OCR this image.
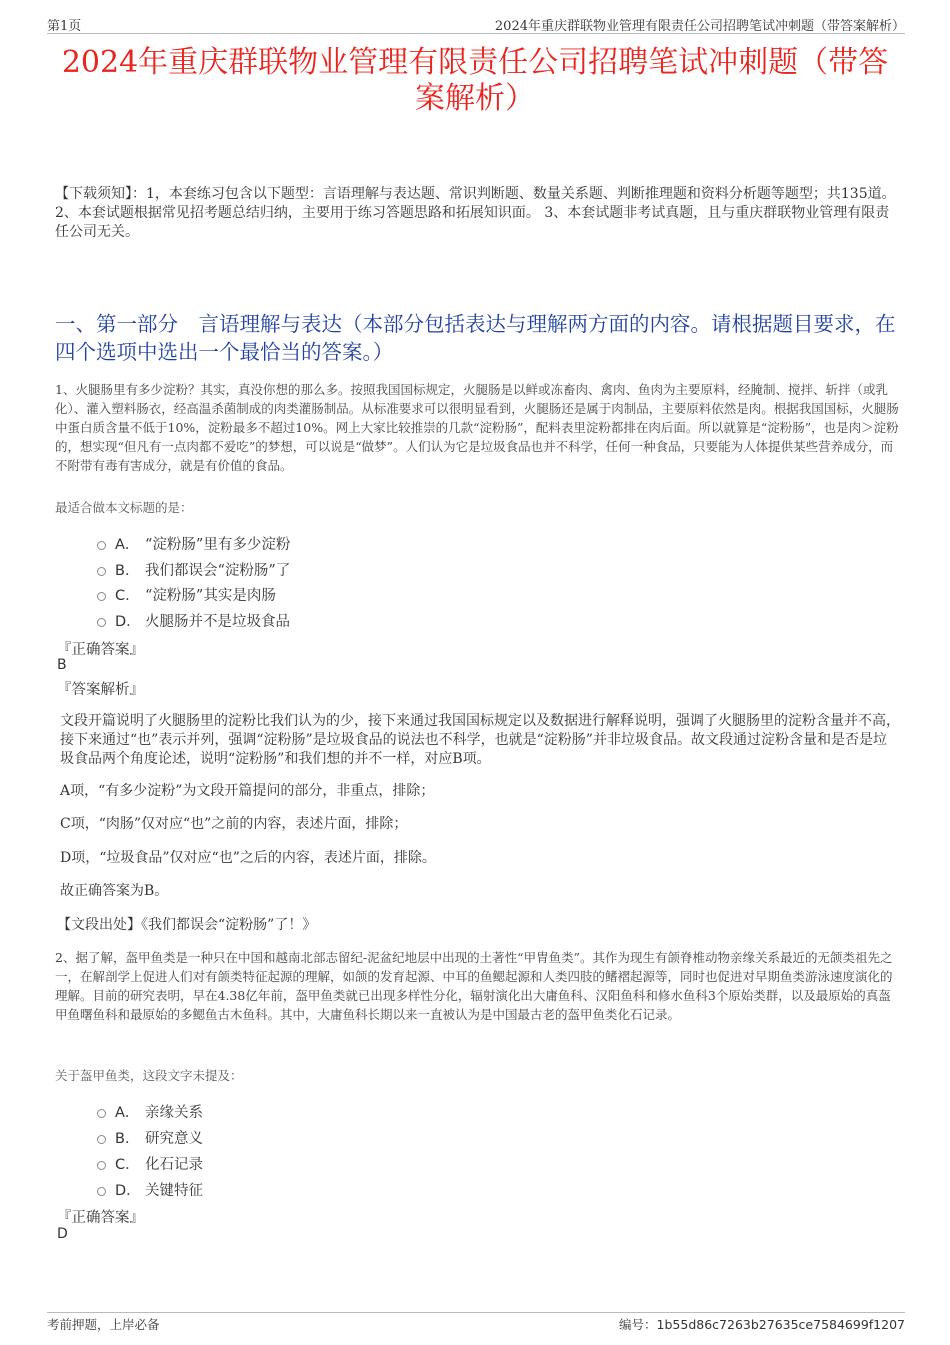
第1页	2024年重庆群联物业管理有限责任公司招聘笔试冲刺题（带答案解析）
2024年重庆群联物业管理有限责任公司招聘笔试冲刺题（带答案解析）
【下载须知】：1，本套练习包含以下题型：言语理解与表达题、常识判断题、数量关系题、判断推理题和资料分析题等题型；共135道。 2、本套试题根据常见招考题总结归纳，主要用于练习答题思路和拓展知识面。 3、本套试题非考试真题，且与重庆群联物业管理有限责任公司无关。
一、第一部分　言语理解与表达（本部分包括表达与理解两方面的内容。请根据题目要求，在四个选项中选出一个最恰当的答案。）
1、火腿肠里有多少淀粉？其实，真没你想的那么多。按照我国国标规定，火腿肠是以鲜或冻畜肉、禽肉、鱼肉为主要原料，经腌制、搅拌、斩拌（或乳化）、灌入塑料肠衣，经高温杀菌制成的肉类灌肠制品。从标准要求可以很明显看到，火腿肠还是属于肉制品，主要原料依然是肉。根据我国国标，火腿肠中蛋白质含量不低于10%，淀粉最多不超过10%。网上大家比较推崇的几款“淀粉肠”，配料表里淀粉都排在肉后面。所以就算是“淀粉肠”，也是肉＞淀粉的，想实现“但凡有一点肉都不爱吃”的梦想，可以说是“做梦”。人们认为它是垃圾食品也并不科学，任何一种食品，只要能为人体提供某些营养成分，而不附带有毒有害成分，就是有价值的食品。
最适合做本文标题的是：
A． “淀粉肠”里有多少淀粉
B． 我们都误会“淀粉肠”了
C． “淀粉肠”其实是肉肠
D． 火腿肠并不是垃圾食品
『正确答案』
B
『答案解析』
文段开篇说明了火腿肠里的淀粉比我们认为的少，接下来通过我国国标规定以及数据进行解释说明，强调了火腿肠里的淀粉含量并不高，接下来通过“也”表示并列，强调“淀粉肠”是垃圾食品的说法也不科学，也就是“淀粉肠”并非垃圾食品。故文段通过淀粉含量和是否是垃圾食品两个角度论述，说明“淀粉肠”和我们想的并不一样，对应B项。
A项，“有多少淀粉”为文段开篇提问的部分，非重点，排除；
C项，“肉肠”仅对应“也”之前的内容，表述片面，排除；
D项，“垃圾食品”仅对应“也”之后的内容，表述片面，排除。
故正确答案为B。
【文段出处】《我们都误会“淀粉肠”了！》
2、据了解，盔甲鱼类是一种只在中国和越南北部志留纪-泥盆纪地层中出现的土著性“甲胄鱼类”。其作为现生有颌脊椎动物亲缘关系最近的无颌类祖先之一，在解剖学上促进人们对有颌类特征起源的理解，如颌的发育起源、中耳的鱼鳃起源和人类四肢的鳍褶起源等，同时也促进对早期鱼类游泳速度演化的理解。目前的研究表明，早在4.38亿年前，盔甲鱼类就已出现多样性分化，辐射演化出大庸鱼科、汉阳鱼科和修水鱼科3个原始类群，以及最原始的真盔甲鱼曙鱼科和最原始的多鳃鱼古木鱼科。其中，大庸鱼科长期以来一直被认为是中国最古老的盔甲鱼类化石记录。
关于盔甲鱼类，这段文字未提及：
A． 亲缘关系
B． 研究意义
C． 化石记录
D． 关键特征
『正确答案』
D
考前押题，上岸必备	编号：1b55d86c7263b27635ce7584699f1207
